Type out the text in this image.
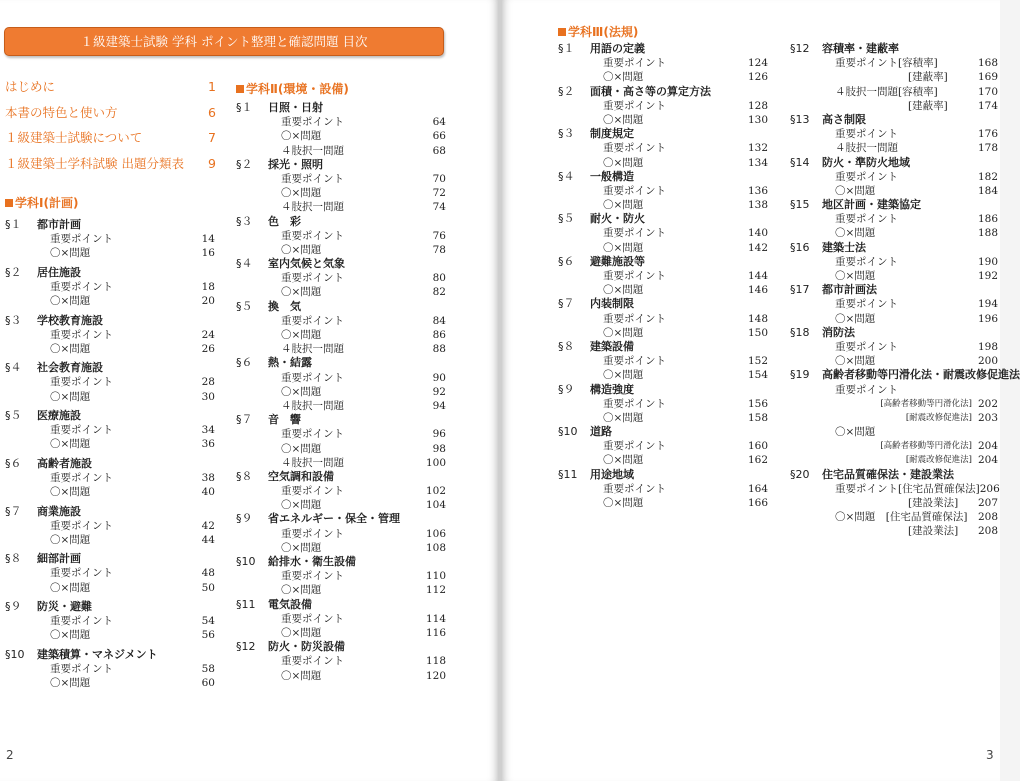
１級建築士試験 学科 ポイント整理と確認問題 目次
はじめに	1
本書の特色と使い方	6
１級建築士試験について	7
１級建築士学科試験 出題分類表 9
学科Ⅰ(計画)
§１ 都市計画
重要ポイント	14
〇×問題	16
§２ 居住施設
重要ポイント	18
〇×問題	20
§３ 学校教育施設
重要ポイント	24
〇×問題	26
§４ 社会教育施設
重要ポイント	28
〇×問題	30
§５ 医療施設
重要ポイント	34
〇×問題	36
§６ 高齢者施設
重要ポイント	38
〇×問題	40
§７ 商業施設
重要ポイント	42
〇×問題	44
§８ 細部計画
重要ポイント	48
〇×問題	50
§９ 防災・避難
重要ポイント	54
〇×問題	56
§10 建築積算・マネジメント
重要ポイント	58
〇×問題	60
学科Ⅱ(環境・設備)
§１ 日照・日射
重要ポイント	64
〇×問題	66
４肢択一問題	68
§２ 採光・照明
重要ポイント	70
〇×問題	72
４肢択一問題	74
§３ 色　彩
重要ポイント	76
〇×問題	78
§４ 室内気候と気象
重要ポイント	80
〇×問題	82
§５ 換　気
重要ポイント	84
〇×問題	86
４肢択一問題	88
§６ 熱・結露
重要ポイント	90
〇×問題	92
４肢択一問題	94
§７ 音　響
重要ポイント	96
〇×問題	98
４肢択一問題	100
§８ 空気調和設備
重要ポイント	102
〇×問題	104
§９ 省エネルギー・保全・管理
重要ポイント	106
〇×問題	108
§10 給排水・衛生設備
重要ポイント	110
〇×問題	112
§11 電気設備
重要ポイント	114
〇×問題	116
§12 防火・防災設備
重要ポイント	118
〇×問題	120
学科Ⅲ(法規)
§１ 用語の定義
重要ポイント	124
〇×問題	126
§２ 面積・高さ等の算定方法
重要ポイント	128
〇×問題	130
§３ 制度規定
重要ポイント	132
〇×問題	134
§４ 一般構造
重要ポイント	136
〇×問題	138
§５ 耐火・防火
重要ポイント	140
〇×問題	142
§６ 避難施設等
重要ポイント	144
〇×問題	146
§７ 内装制限
重要ポイント	148
〇×問題	150
§８ 建築設備
重要ポイント	152
〇×問題	154
§９ 構造強度
重要ポイント	156
〇×問題	158
§10 道路
重要ポイント	160
〇×問題	162
§11 用途地域
重要ポイント	164
〇×問題	166
§12 容積率・建蔽率
重要ポイント[容積率]	168
[建蔽率]	169
４肢択一問題[容積率]	170
[建蔽率]	174
§13 高さ制限
重要ポイント	176
４肢択一問題	178
§14 防火・準防火地域
重要ポイント	182
〇×問題	184
§15 地区計画・建築協定
重要ポイント	186
〇×問題	188
§16 建築士法
重要ポイント	190
〇×問題	192
§17 都市計画法
重要ポイント	194
〇×問題	196
§18 消防法
重要ポイント	198
〇×問題	200
§19 高齢者移動等円滑化法・耐震改修促進法
重要ポイント
[高齢者移動等円滑化法] 202
[耐震改修促進法] 203
〇×問題
[高齢者移動等円滑化法] 204
[耐震改修促進法] 204
§20 住宅品質確保法・建設業法
重要ポイント[住宅品質確保法] 206
[建設業法] 207
〇×問題　[住宅品質確保法] 208
[建設業法] 208
2	3
